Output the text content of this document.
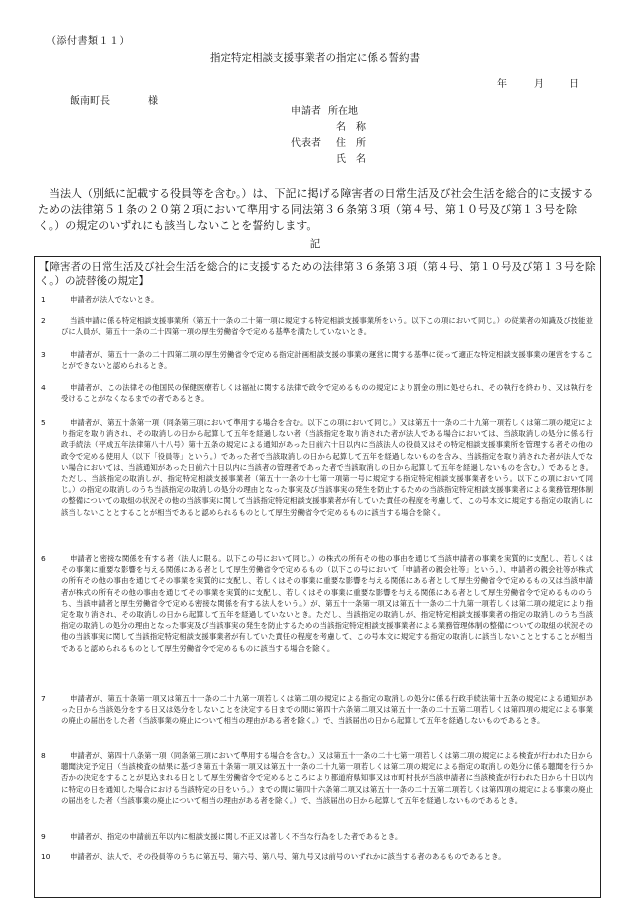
（添付書類１１）
指定特定相談支援事業者の指定に係る誓約書
年	月	日
飯南町長	様
申請者 所在地
名　称
代表者 住　所
氏　名
当法人（別紙に記載する役員等を含む。）は、下記に掲げる障害者の日常生活及び社会生活を総合的に支援するための法律第５１条の２０第２項において準用する同法第３６条第３項（第４号、第１０号及び第１３号を除く。）の規定のいずれにも該当しないことを誓約します。
記
【障害者の日常生活及び社会生活を総合的に支援するための法律第３６条第３項（第４号、第１０号及び第１３号を除く。）の読替後の規定】
1	申請者が法人でないとき。
2	当該申請に係る特定相談支援事業所（第五十一条の二十第一項に規定する特定相談支援事業所をいう。以下この項において同じ。）の従業者の知識及び技能並びに人員が、第五十一条の二十四第一項の厚生労働省令で定める基準を満たしていないとき。
3	申請者が、第五十一条の二十四第二項の厚生労働省令で定める指定計画相談支援の事業の運営に関する基準に従って適正な特定相談支援事業の運営をすることができないと認められるとき。
4	申請者が、この法律その他国民の保健医療若しくは福祉に関する法律で政令で定めるものの規定により罰金の刑に処せられ、その執行を終わり、又は執行を受けることがなくなるまでの者であるとき。
5	申請者が、第五十条第一項（同条第三項において準用する場合を含む。以下この項において同じ。）又は第五十一条の二十九第一項若しくは第二項の規定により指定を取り消され、その取消しの日から起算して五年を経過しない者（当該指定を取り消された者が法人である場合においては、当該取消しの処分に係る行政手続法（平成五年法律第八十八号）第十五条の規定による通知があった日前六十日以内に当該法人の役員又はその特定相談支援事業所を管理する者その他の政令で定める使用人（以下「役員等」という。）であった者で当該取消しの日から起算して五年を経過しないものを含み、当該指定を取り消された者が法人でない場合においては、当該通知があった日前六十日以内に当該者の管理者であった者で当該取消しの日から起算して五年を経過しないものを含む。）であるとき。ただし、当該指定の取消しが、指定特定相談支援事業者（第五十一条の十七第一項第一号に規定する指定特定相談支援事業者をいう。以下この項において同じ。）の指定の取消しのうち当該指定の取消しの処分の理由となった事実及び当該事実の発生を防止するための当該指定特定相談支援事業者による業務管理体制の整備についての取組の状況その他の当該事実に関して当該指定特定相談支援事業者が有していた責任の程度を考慮して、この号本文に規定する指定の取消しに該当しないこととすることが相当であると認められるものとして厚生労働省令で定めるものに該当する場合を除く。
6	申請者と密接な関係を有する者（法人に限る。以下この号において同じ。）の株式の所有その他の事由を通じて当該申請者の事業を実質的に支配し、若しくはその事業に重要な影響を与える関係にある者として厚生労働省令で定めるもの（以下この号において「申請者の親会社等」という。）、申請者の親会社等が株式の所有その他の事由を通じてその事業を実質的に支配し、若しくはその事業に重要な影響を与える関係にある者として厚生労働省令で定めるもの又は当該申請者が株式の所有その他の事由を通じてその事業を実質的に支配し、若しくはその事業に重要な影響を与える関係にある者として厚生労働省令で定めるもののうち、当該申請者と厚生労働省令で定める密接な関係を有する法人をいう。）が、第五十一条第一項又は第五十一条の二十九第一項若しくは第二項の規定により指定を取り消され、その取消しの日から起算して五年を経過していないとき。ただし、当該指定の取消しが、指定特定相談支援事業者の指定の取消しのうち当該指定の取消しの処分の理由となった事実及び当該事実の発生を防止するための当該指定特定相談支援事業者による業務管理体制の整備についての取組の状況その他の当該事実に関して当該指定特定相談支援事業者が有していた責任の程度を考慮して、この号本文に規定する指定の取消しに該当しないこととすることが相当であると認められるものとして厚生労働省令で定めるものに該当する場合を除く。
7	申請者が、第五十条第一項又は第五十一条の二十九第一項若しくは第二項の規定による指定の取消しの処分に係る行政手続法第十五条の規定による通知があった日から当該処分をする日又は処分をしないことを決定する日までの間に第四十六条第二項又は第五十一条の二十五第二項若しくは第四項の規定による事業の廃止の届出をした者（当該事業の廃止について相当の理由がある者を除く。）で、当該届出の日から起算して五年を経過しないものであるとき。
8	申請者が、第四十八条第一項（同条第三項において準用する場合を含む。）又は第五十一条の二十七第一項若しくは第二項の規定による検査が行われた日から聴聞決定予定日（当該検査の結果に基づき第五十条第一項又は第五十一条の二十九第一項若しくは第二項の規定による指定の取消しの処分に係る聴聞を行うか否かの決定をすることが見込まれる日として厚生労働省令で定めるところにより都道府県知事又は市町村長が当該申請者に当該検査が行われた日から十日以内に特定の日を通知した場合における当該特定の日をいう。）までの間に第四十六条第二項又は第五十一条の二十五第二項若しくは第四項の規定による事業の廃止の届出をした者（当該事業の廃止について相当の理由がある者を除く。）で、当該届出の日から起算して五年を経過しないものであるとき。
9	申請者が、指定の申請前五年以内に相談支援に関し不正又は著しく不当な行為をした者であるとき。
10	申請者が、法人で、その役員等のうちに第五号、第六号、第八号、第九号又は前号のいずれかに該当する者のあるものであるとき。
